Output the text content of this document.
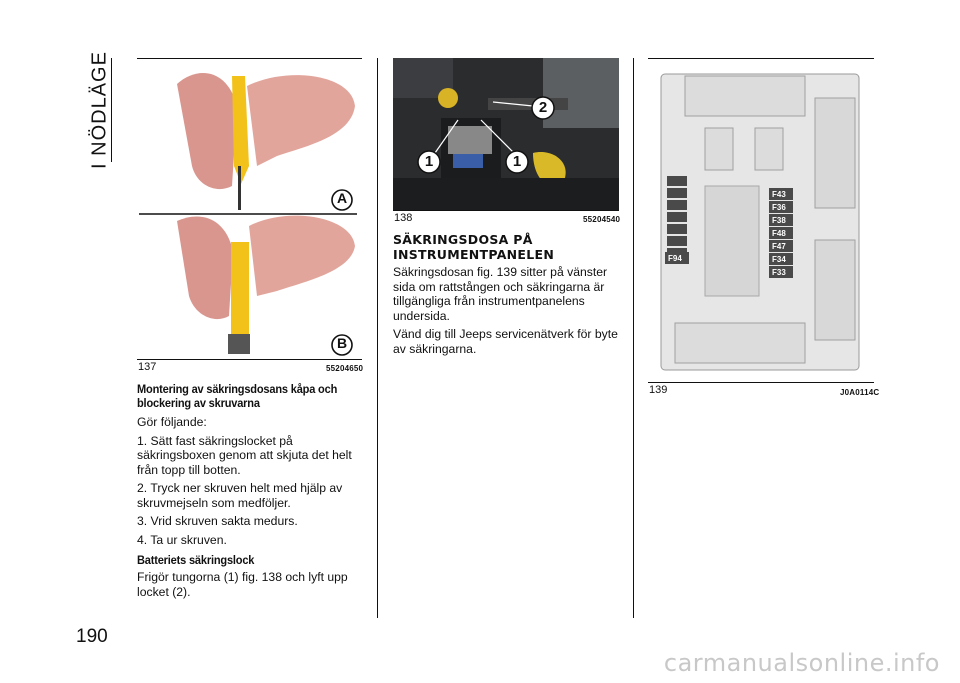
I NÖDLÄGE
190
A
B
137	55204650
Montering av säkringsdosans kåpa och blockering av skruvarna

Gör följande:

1. Sätt fast säkringslocket på säkringsboxen genom att skjuta det helt från topp till botten.

2. Tryck ner skruven helt med hjälp av skruvmejseln som medföljer.

3. Vrid skruven sakta medurs.

4. Ta ur skruven.

Batteriets säkringslock

Frigör tungorna (1) fig. 138 och lyft upp locket (2).

1	1
2
138	55204540
SÄKRINGSDOSA PÅ INSTRUMENTPANELEN

Säkringsdosan fig. 139 sitter på vänster sida om rattstången och säkringarna är tillgängliga från instrumentpanelens undersida.

Vänd dig till Jeeps servicenätverk för byte av säkringarna.

F94
F43
F36
F38
F48
F47
F34
F33
139	J0A0114C
carmanualsonline.info
